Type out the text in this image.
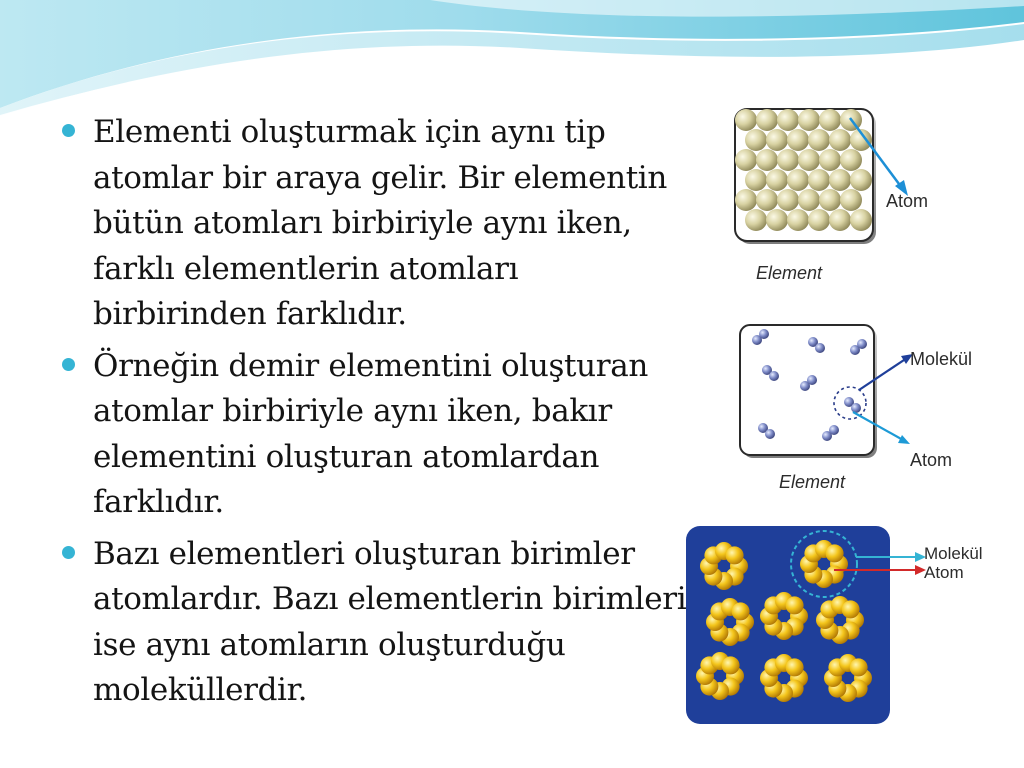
Elementi oluşturmak için aynı tip atomlar bir araya gelir. Bir elementin bütün atomları birbiriyle aynı iken, farklı elementlerin atomları birbirinden farklıdır.
Örneğin demir elementini oluşturan atomlar birbiriyle aynı iken, bakır elementini oluşturan atomlardan farklıdır.
Bazı elementleri oluşturan birimler atomlardır. Bazı elementlerin birimleri ise aynı atomların oluşturduğu moleküllerdir.
Atom
Element
Molekül
Atom
Element
Molekül
Atom
